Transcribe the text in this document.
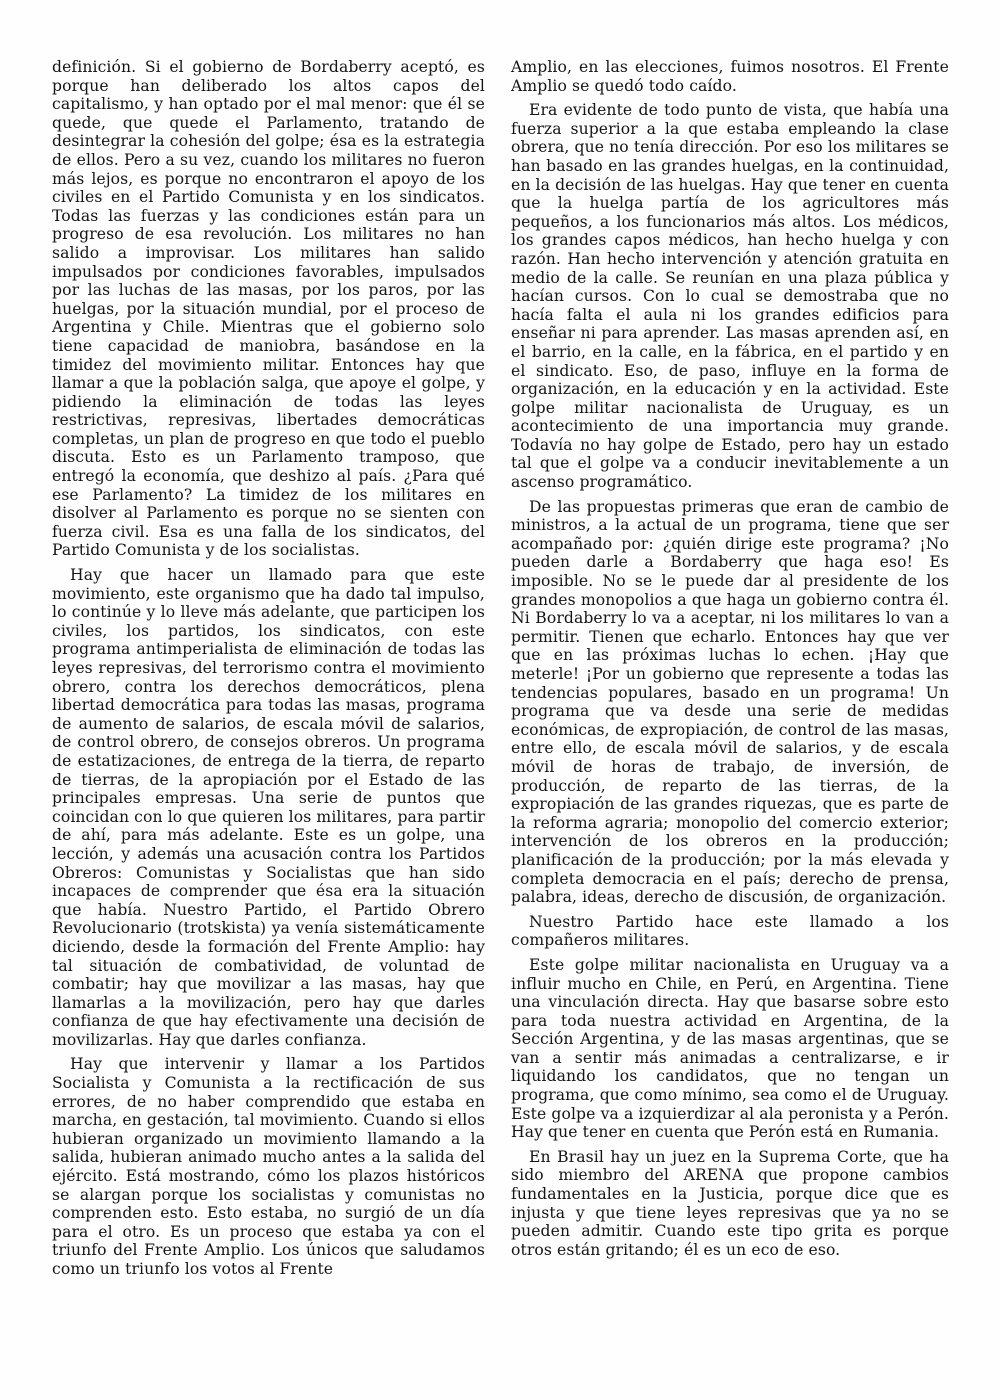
definición. Si el gobierno de Bordaberry aceptó, es porque han deliberado los altos capos del capitalismo, y han optado por el mal menor: que él se quede, que quede el Parlamento, tratando de desintegrar la cohesión del golpe; ésa es la estrategia de ellos. Pero a su vez, cuando los militares no fueron más lejos, es porque no encontraron el apoyo de los civiles en el Partido Comunista y en los sindicatos. Todas las fuerzas y las condiciones están para un progreso de esa revolución. Los militares no han salido a improvisar. Los militares han salido impulsados por condiciones favorables, impulsados por las luchas de las masas, por los paros, por las huelgas, por la situación mundial, por el proceso de Argentina y Chile. Mientras que el gobierno solo tiene capacidad de maniobra, basándose en la timidez del movimiento militar. Entonces hay que llamar a que la población salga, que apoye el golpe, y pidiendo la eliminación de todas las leyes restrictivas, represivas, libertades democráticas completas, un plan de progreso en que todo el pueblo discuta. Esto es un Parlamento tramposo, que entregó la economía, que deshizo al país. ¿Para qué ese Parlamento? La timidez de los militares en disolver al Parlamento es porque no se sienten con fuerza civil. Esa es una falla de los sindicatos, del Partido Comunista y de los socialistas.

Hay que hacer un llamado para que este movimiento, este organismo que ha dado tal impulso, lo continúe y lo lleve más adelante, que participen los civiles, los partidos, los sindicatos, con este programa antimperialista de eliminación de todas las leyes represivas, del terrorismo contra el movimiento obrero, contra los derechos democráticos, plena libertad democrática para todas las masas, programa de aumento de salarios, de escala móvil de salarios, de control obrero, de consejos obreros. Un programa de estatizaciones, de entrega de la tierra, de reparto de tierras, de la apropiación por el Estado de las principales empresas. Una serie de puntos que coincidan con lo que quieren los militares, para partir de ahí, para más adelante. Este es un golpe, una lección, y además una acusación contra los Partidos Obreros: Comunistas y Socialistas que han sido incapaces de comprender que ésa era la situación que había. Nuestro Partido, el Partido Obrero Revolucionario (trotskista) ya venía sistemáticamente diciendo, desde la formación del Frente Amplio: hay tal situación de combatividad, de voluntad de combatir; hay que movilizar a las masas, hay que llamarlas a la movilización, pero hay que darles confianza de que hay efectivamente una decisión de movilizarlas. Hay que darles confianza.

Hay que intervenir y llamar a los Partidos Socialista y Comunista a la rectificación de sus errores, de no haber comprendido que estaba en marcha, en gestación, tal movimiento. Cuando si ellos hubieran organizado un movimiento llamando a la salida, hubieran animado mucho antes a la salida del ejército. Está mostrando, cómo los plazos históricos se alargan porque los socialistas y comunistas no comprenden esto. Esto estaba, no surgió de un día para el otro. Es un proceso que estaba ya con el triunfo del Frente Amplio. Los únicos que saludamos como un triunfo los votos al Frente

Amplio, en las elecciones, fuimos nosotros. El Frente Amplio se quedó todo caído.

Era evidente de todo punto de vista, que había una fuerza superior a la que estaba empleando la clase obrera, que no tenía dirección. Por eso los militares se han basado en las grandes huelgas, en la continuidad, en la decisión de las huelgas. Hay que tener en cuenta que la huelga partía de los agricultores más pequeños, a los funcionarios más altos. Los médicos, los grandes capos médicos, han hecho huelga y con razón. Han hecho intervención y atención gratuita en medio de la calle. Se reunían en una plaza pública y hacían cursos. Con lo cual se demostraba que no hacía falta el aula ni los grandes edificios para enseñar ni para aprender. Las masas aprenden así, en el barrio, en la calle, en la fábrica, en el partido y en el sindicato. Eso, de paso, influye en la forma de organización, en la educación y en la actividad. Este golpe militar nacionalista de Uruguay, es un acontecimiento de una importancia muy grande. Todavía no hay golpe de Estado, pero hay un estado tal que el golpe va a conducir inevitablemente a un ascenso programático.

De las propuestas primeras que eran de cambio de ministros, a la actual de un programa, tiene que ser acompañado por: ¿quién dirige este programa? ¡No pueden darle a Bordaberry que haga eso! Es imposible. No se le puede dar al presidente de los grandes monopolios a que haga un gobierno contra él. Ni Bordaberry lo va a aceptar, ni los militares lo van a permitir. Tienen que echarlo. Entonces hay que ver que en las próximas luchas lo echen. ¡Hay que meterle! ¡Por un gobierno que represente a todas las tendencias populares, basado en un programa! Un programa que va desde una serie de medidas económicas, de expropiación, de control de las masas, entre ello, de escala móvil de salarios, y de escala móvil de horas de trabajo, de inversión, de producción, de reparto de las tierras, de la expropiación de las grandes riquezas, que es parte de la reforma agraria; monopolio del comercio exterior; intervención de los obreros en la producción; planificación de la producción; por la más elevada y completa democracia en el país; derecho de prensa, palabra, ideas, derecho de discusión, de organización.

Nuestro Partido hace este llamado a los compañeros militares.

Este golpe militar nacionalista en Uruguay va a influir mucho en Chile, en Perú, en Argentina. Tiene una vinculación directa. Hay que basarse sobre esto para toda nuestra actividad en Argentina, de la Sección Argentina, y de las masas argentinas, que se van a sentir más animadas a centralizarse, e ir liquidando los candidatos, que no tengan un programa, que como mínimo, sea como el de Uruguay. Este golpe va a izquierdizar al ala peronista y a Perón. Hay que tener en cuenta que Perón está en Rumania.

En Brasil hay un juez en la Suprema Corte, que ha sido miembro del ARENA que propone cambios fundamentales en la Justicia, porque dice que es injusta y que tiene leyes represivas que ya no se pueden admitir. Cuando este tipo grita es porque otros están gritando; él es un eco de eso.
